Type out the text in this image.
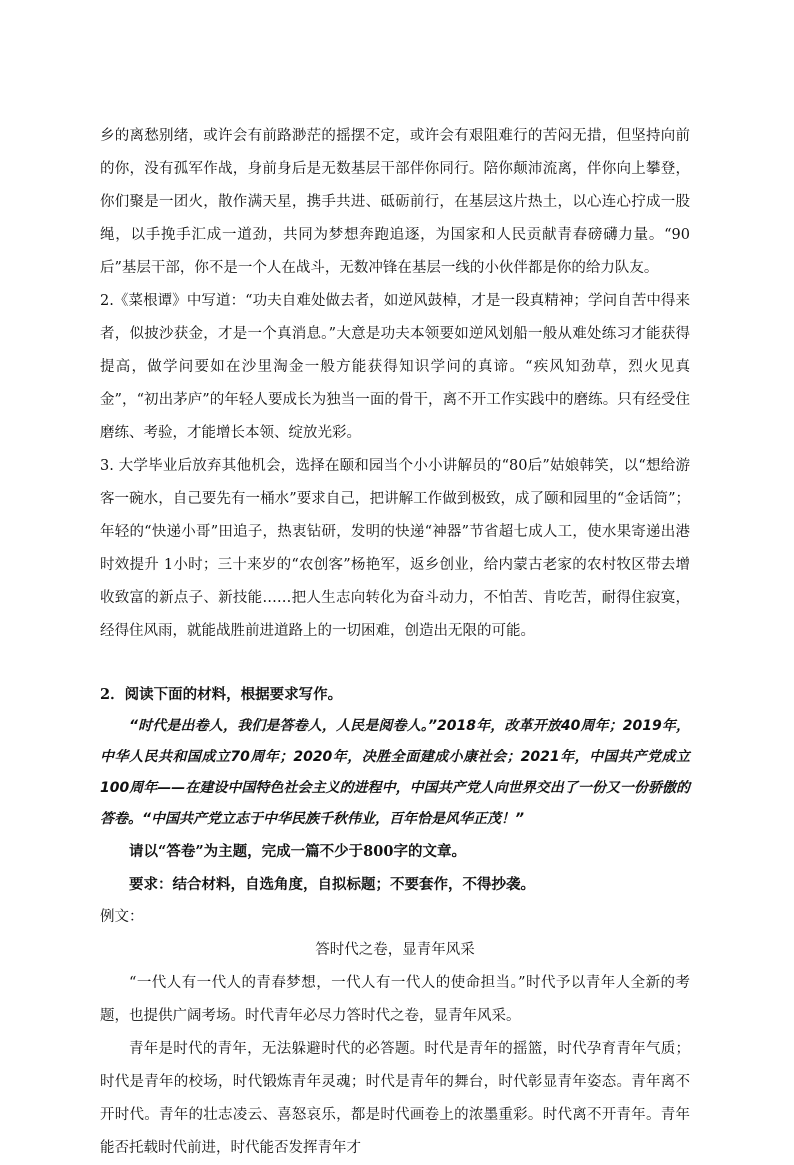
乡的离愁别绪，或许会有前路渺茫的摇摆不定，或许会有艰阻难行的苦闷无措，但坚持向前的你，没有孤军作战，身前身后是无数基层干部伴你同行。陪你颠沛流离，伴你向上攀登，你们聚是一团火，散作满天星，携手共进、砥砺前行，在基层这片热土，以心连心拧成一股绳，以手挽手汇成一道劲，共同为梦想奔跑追逐，为国家和人民贡献青春磅礴力量。“90后”基层干部，你不是一个人在战斗，无数冲锋在基层一线的小伙伴都是你的给力队友。

2.《菜根谭》中写道：“功夫自难处做去者，如逆风鼓棹，才是一段真精神；学问自苦中得来者，似披沙获金，才是一个真消息。”大意是功夫本领要如逆风划船一般从难处练习才能获得提高，做学问要如在沙里淘金一般方能获得知识学问的真谛。“疾风知劲草，烈火见真金”，“初出茅庐”的年轻人要成长为独当一面的骨干，离不开工作实践中的磨练。只有经受住磨练、考验，才能增长本领、绽放光彩。

3. 大学毕业后放弃其他机会，选择在颐和园当个小小讲解员的“80后”姑娘韩笑，以“想给游客一碗水，自己要先有一桶水”要求自己，把讲解工作做到极致，成了颐和园里的“金话筒”；年轻的“快递小哥”田追子，热衷钻研，发明的快递“神器”节省超七成人工，使水果寄递出港时效提升 1小时；三十来岁的“农创客”杨艳军，返乡创业，给内蒙古老家的农村牧区带去增收致富的新点子、新技能……把人生志向转化为奋斗动力，不怕苦、肯吃苦，耐得住寂寞，经得住风雨，就能战胜前进道路上的一切困难，创造出无限的可能。

2．阅读下面的材料，根据要求写作。

“时代是出卷人，我们是答卷人，人民是阅卷人。”2018年，改革开放40周年；2019年，中华人民共和国成立70周年；2020年，决胜全面建成小康社会；2021年，中国共产党成立100周年——在建设中国特色社会主义的进程中，中国共产党人向世界交出了一份又一份骄傲的答卷。“中国共产党立志于中华民族千秋伟业，百年恰是风华正茂！”

请以“答卷”为主题，完成一篇不少于800字的文章。

要求：结合材料，自选角度，自拟标题；不要套作，不得抄袭。

例文：

答时代之卷，显青年风采

“一代人有一代人的青春梦想，一代人有一代人的使命担当。”时代予以青年人全新的考题，也提供广阔考场。时代青年必尽力答时代之卷，显青年风采。

青年是时代的青年，无法躲避时代的必答题。时代是青年的摇篮，时代孕育青年气质；时代是青年的校场，时代锻炼青年灵魂；时代是青年的舞台，时代彰显青年姿态。青年离不开时代。青年的壮志凌云、喜怒哀乐，都是时代画卷上的浓墨重彩。时代离不开青年。青年能否托载时代前进，时代能否发挥青年才
